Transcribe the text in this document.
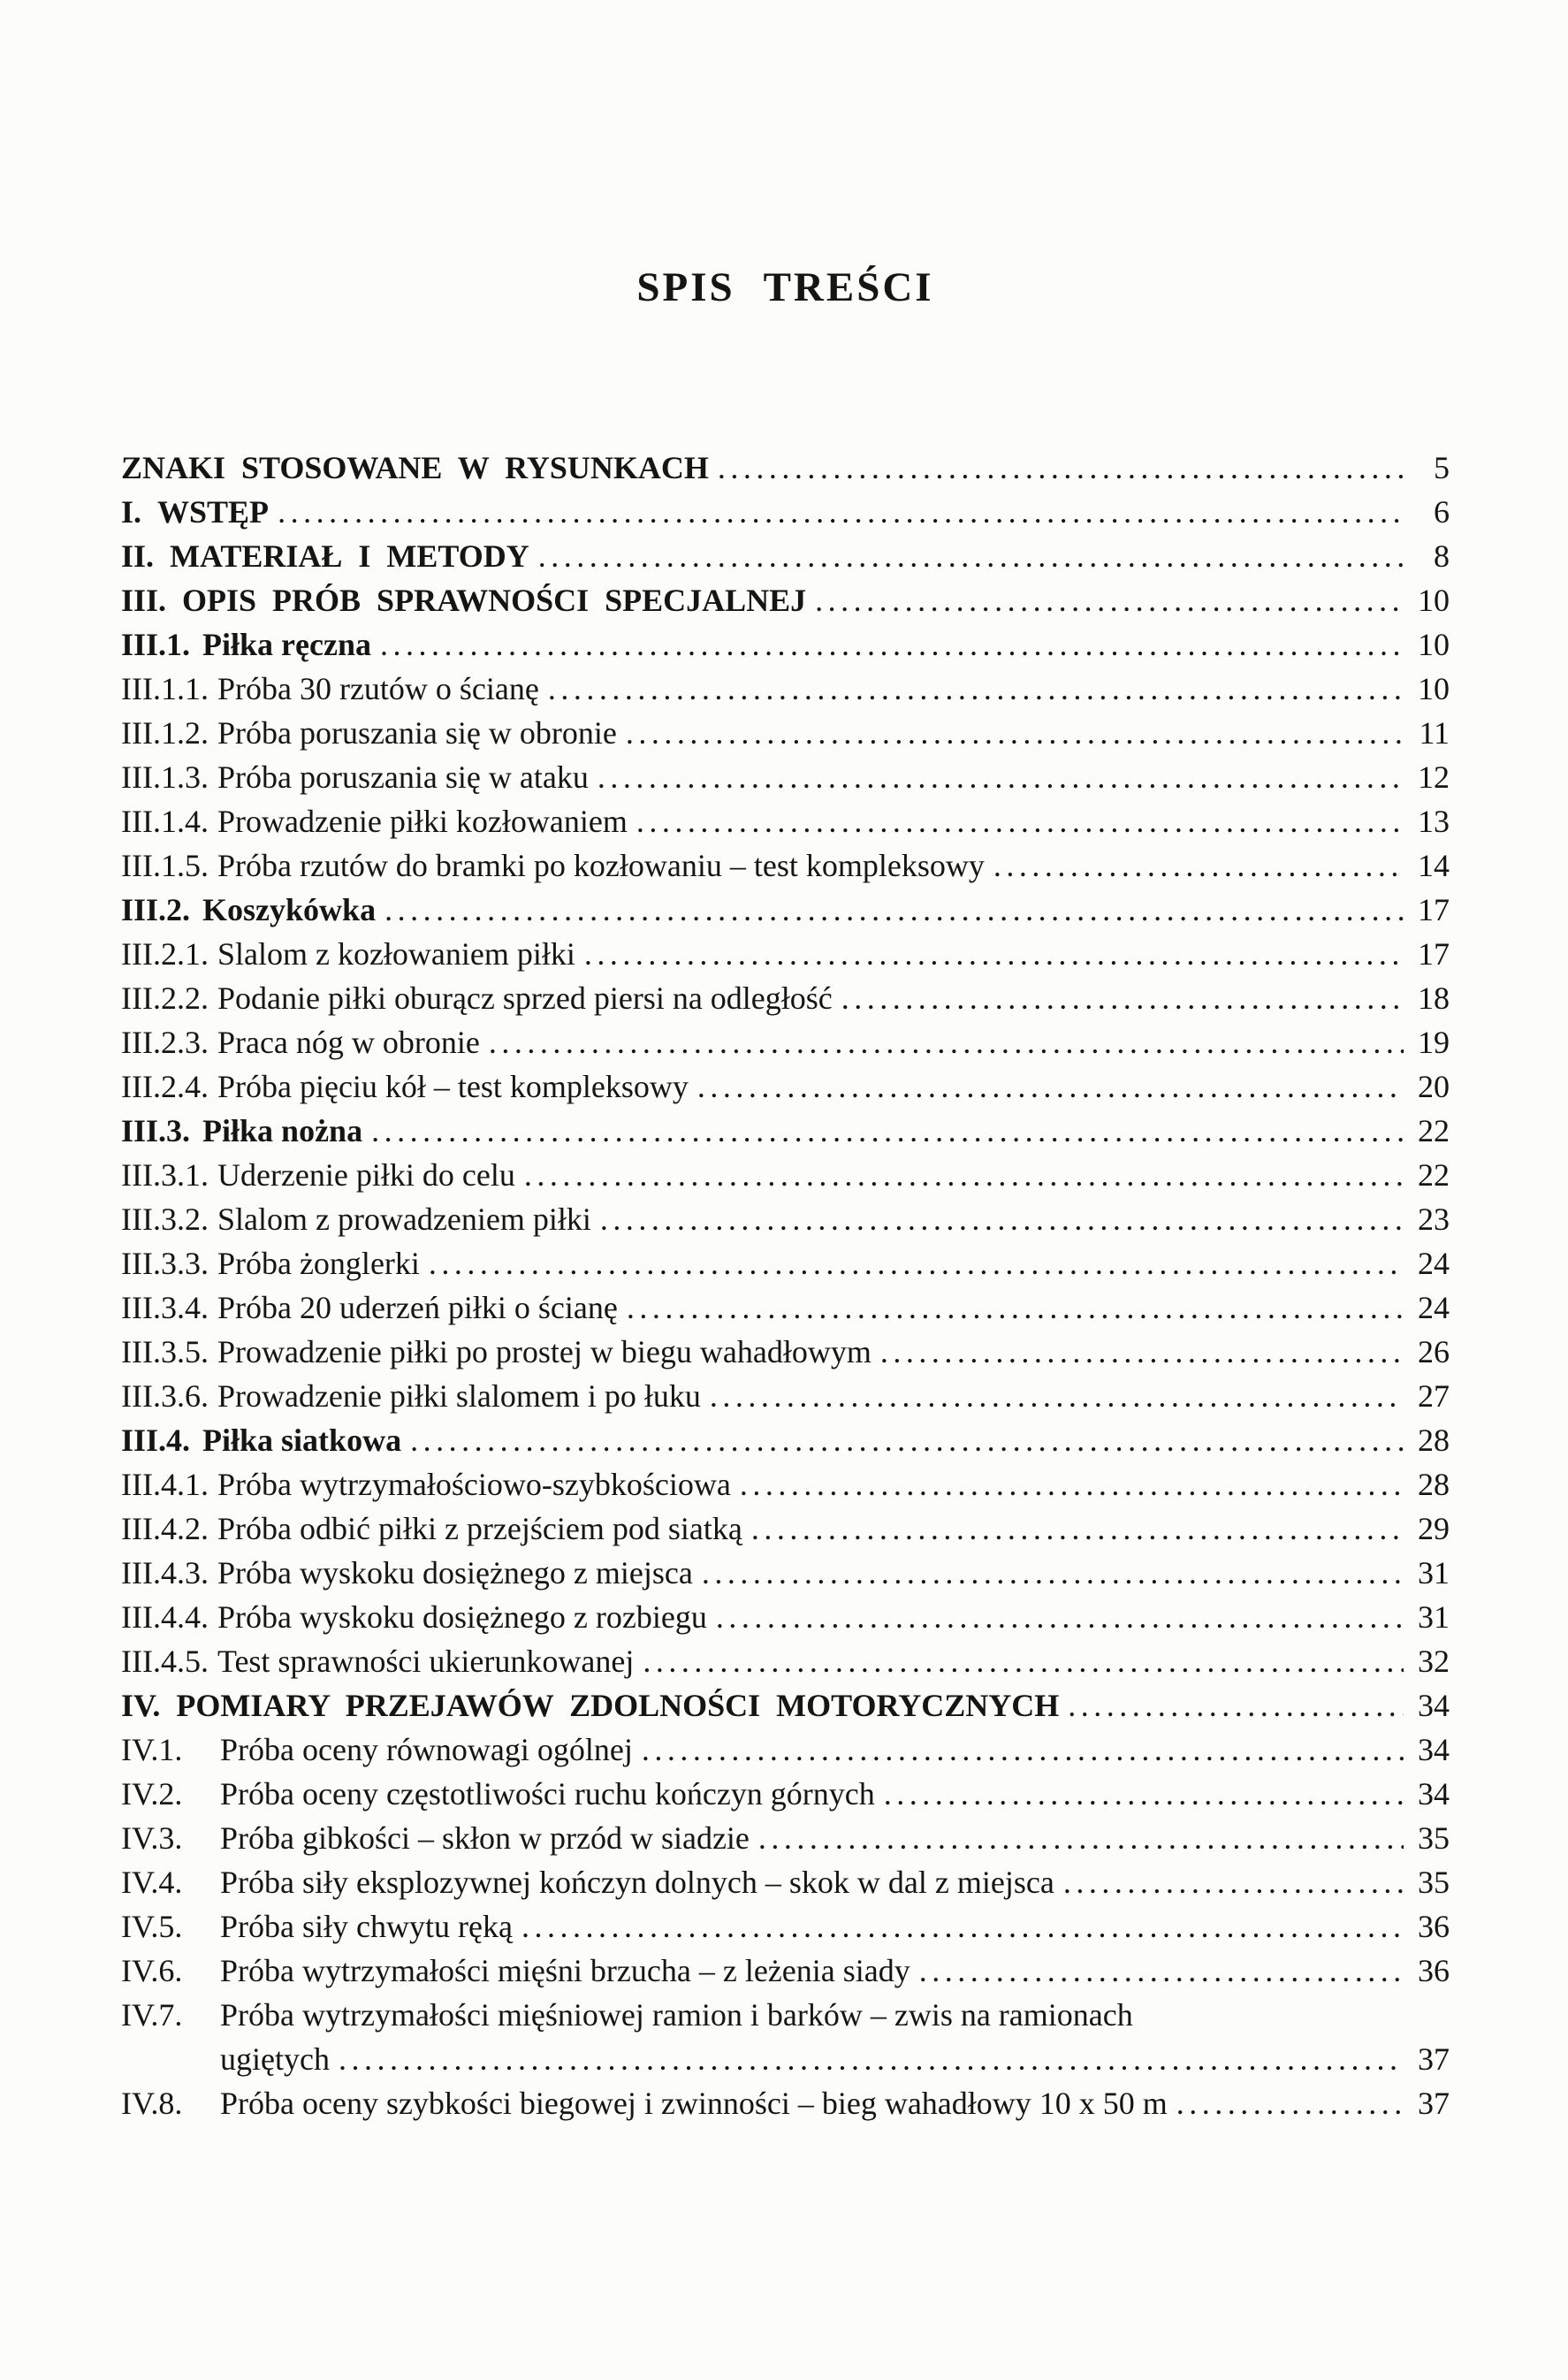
SPIS TREŚCI
ZNAKI STOSOWANE W RYSUNKACH .....	5
I. WSTĘP .....	6
II. MATERIAŁ I METODY .....	8
III. OPIS PRÓB SPRAWNOŚCI SPECJALNEJ .....	10
III.1. Piłka ręczna .....	10
III.1.1. Próba 30 rzutów o ścianę .....	10
III.1.2. Próba poruszania się w obronie .....	11
III.1.3. Próba poruszania się w ataku .....	12
III.1.4. Prowadzenie piłki kozłowaniem .....	13
III.1.5. Próba rzutów do bramki po kozłowaniu – test kompleksowy .....	14
III.2. Koszykówka .....	17
III.2.1. Slalom z kozłowaniem piłki .....	17
III.2.2. Podanie piłki oburącz sprzed piersi na odległość .....	18
III.2.3. Praca nóg w obronie .....	19
III.2.4. Próba pięciu kół – test kompleksowy .....	20
III.3. Piłka nożna .....	22
III.3.1. Uderzenie piłki do celu .....	22
III.3.2. Slalom z prowadzeniem piłki .....	23
III.3.3. Próba żonglerki .....	24
III.3.4. Próba 20 uderzeń piłki o ścianę .....	24
III.3.5. Prowadzenie piłki po prostej w biegu wahadłowym .....	26
III.3.6. Prowadzenie piłki slalomem i po łuku .....	27
III.4. Piłka siatkowa .....	28
III.4.1. Próba wytrzymałościowo-szybkościowa .....	28
III.4.2. Próba odbić piłki z przejściem pod siatką .....	29
III.4.3. Próba wyskoku dosiężnego z miejsca .....	31
III.4.4. Próba wyskoku dosiężnego z rozbiegu .....	31
III.4.5. Test sprawności ukierunkowanej .....	32
IV. POMIARY PRZEJAWÓW ZDOLNOŚCI MOTORYCZNYCH .....	34
IV.1.	Próba oceny równowagi ogólnej .....	34
IV.2.	Próba oceny częstotliwości ruchu kończyn górnych .....	34
IV.3.	Próba gibkości – skłon w przód w siadzie .....	35
IV.4.	Próba siły eksplozywnej kończyn dolnych – skok w dal z miejsca .....	35
IV.5.	Próba siły chwytu ręką .....	36
IV.6.	Próba wytrzymałości mięśni brzucha – z leżenia siady .....	36
IV.7.	Próba wytrzymałości mięśniowej ramion i barków – zwis na ramionach
ugiętych .....	37
IV.8.	Próba oceny szybkości biegowej i zwinności – bieg wahadłowy 10 x 50 m .....	37
